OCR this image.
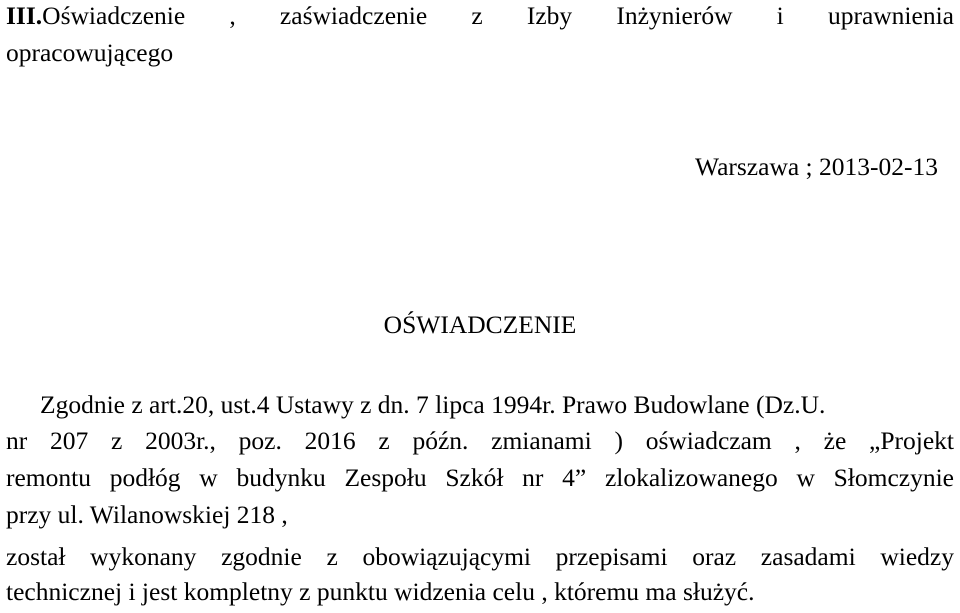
III.Oświadczenie , zaświadczenie z Izby Inżynierów i uprawnienia
opracowującego
Warszawa ; 2013-02-13
OŚWIADCZENIE
Zgodnie z art.20, ust.4 Ustawy z dn. 7 lipca 1994r. Prawo Budowlane (Dz.U.
nr 207 z 2003r., poz. 2016 z późn. zmianami ) oświadczam , że „Projekt
remontu podłóg w budynku Zespołu Szkół nr 4” zlokalizowanego w Słomczynie
przy ul. Wilanowskiej 218 ,
został wykonany zgodnie z obowiązującymi przepisami oraz zasadami wiedzy
technicznej i jest kompletny z punktu widzenia celu , któremu ma służyć.
